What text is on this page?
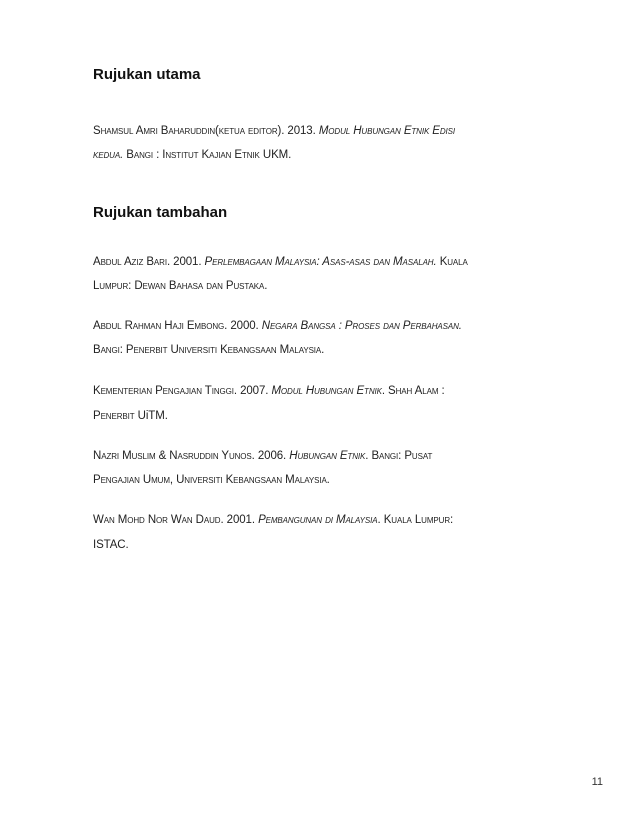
Rujukan utama

Shamsul Amri Baharuddin(ketua editor). 2013. Modul Hubungan Etnik Edisi

kedua. Bangi : Institut Kajian Etnik UKM.

Rujukan tambahan

Abdul Aziz Bari. 2001. Perlembagaan Malaysia: Asas-asas dan Masalah. Kuala

Lumpur: Dewan Bahasa dan Pustaka.

Abdul Rahman Haji Embong. 2000. Negara Bangsa : Proses dan Perbahasan.

Bangi: Penerbit Universiti Kebangsaan Malaysia.

Kementerian Pengajian Tinggi. 2007. Modul Hubungan Etnik. Shah Alam :

Penerbit UiTM.

Nazri Muslim & Nasruddin Yunos. 2006. Hubungan Etnik. Bangi: Pusat

Pengajian Umum, Universiti Kebangsaan Malaysia.

Wan Mohd Nor Wan Daud. 2001. Pembangunan di Malaysia. Kuala Lumpur:

ISTAC.

11
